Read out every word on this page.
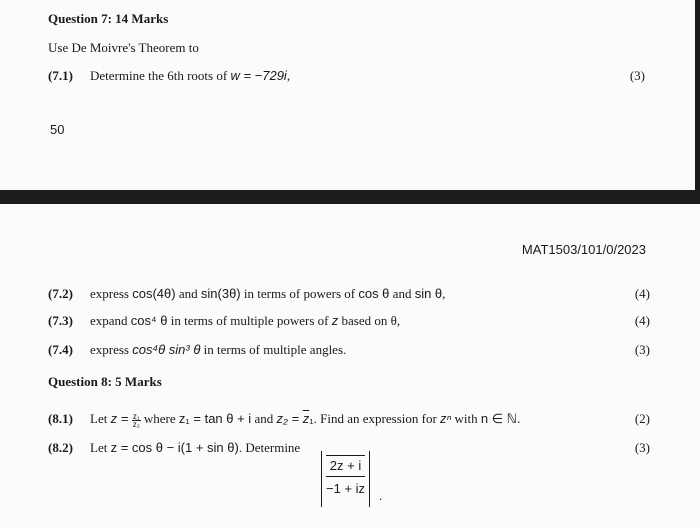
Question 7: 14 Marks
Use De Moivre's Theorem to
(7.1) Determine the 6th roots of w = −729i,	(3)
50
MAT1503/101/0/2023
(7.2) express cos(4θ) and sin(3θ) in terms of powers of cos θ and sin θ,	(4)
(7.3) expand cos⁴ θ in terms of multiple powers of z based on θ,	(4)
(7.4) express cos⁴θ sin³ θ in terms of multiple angles.	(3)
Question 8: 5 Marks
(8.1) Let $z = \frac{\text{z₁}}{\text{z₂}}$ where z₁ = tan θ + i and $z_2 = \overline{z}_1$. Find an expression for zⁿ with n ∈ ℕ.	(2)
(8.2) Let z = cos θ − i(1 + sin θ). Determine	(3)
2z + i
−1 + iz .
